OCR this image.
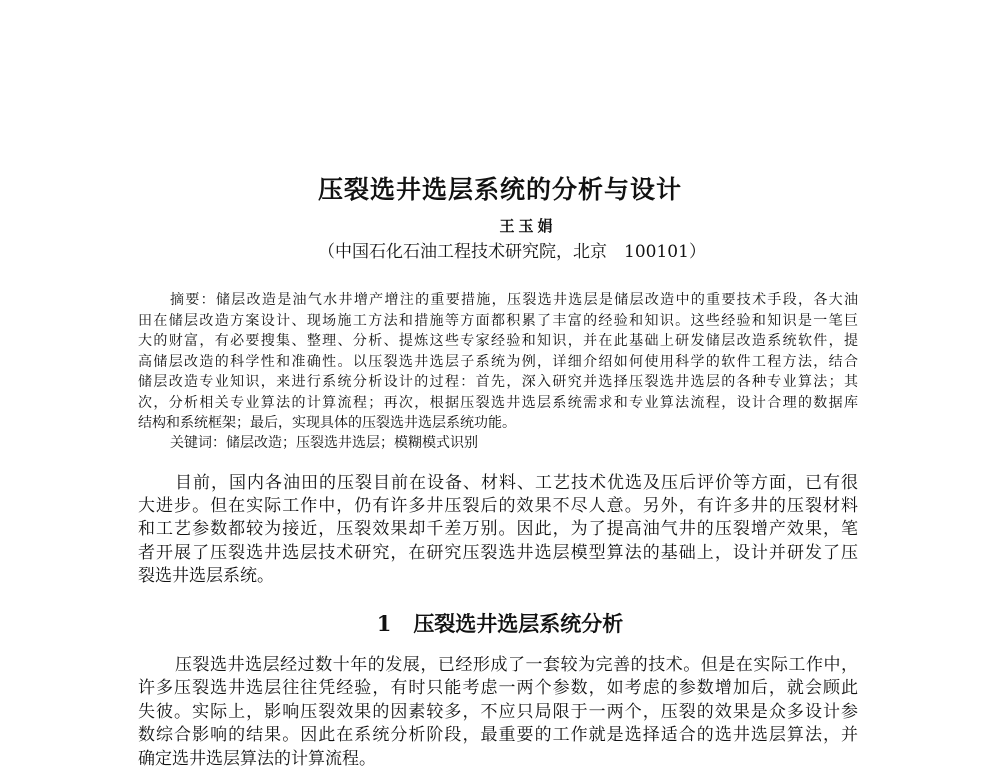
压裂选井选层系统的分析与设计
王玉娟
（中国石化石油工程技术研究院，北京　100101）
摘要：储层改造是油气水井增产增注的重要措施，压裂选井选层是储层改造中的重要技术手段，各大油
田在储层改造方案设计、现场施工方法和措施等方面都积累了丰富的经验和知识。这些经验和知识是一笔巨
大的财富，有必要搜集、整理、分析、提炼这些专家经验和知识，并在此基础上研发储层改造系统软件，提
高储层改造的科学性和准确性。以压裂选井选层子系统为例，详细介绍如何使用科学的软件工程方法，结合
储层改造专业知识，来进行系统分析设计的过程：首先，深入研究并选择压裂选井选层的各种专业算法；其
次，分析相关专业算法的计算流程；再次，根据压裂选井选层系统需求和专业算法流程，设计合理的数据库
结构和系统框架；最后，实现具体的压裂选井选层系统功能。
关键词：储层改造；压裂选井选层；模糊模式识别
目前，国内各油田的压裂目前在设备、材料、工艺技术优选及压后评价等方面，已有很
大进步。但在实际工作中，仍有许多井压裂后的效果不尽人意。另外，有许多井的压裂材料
和工艺参数都较为接近，压裂效果却千差万别。因此，为了提高油气井的压裂增产效果，笔
者开展了压裂选井选层技术研究，在研究压裂选井选层模型算法的基础上，设计并研发了压
裂选井选层系统。
1 压裂选井选层系统分析
压裂选井选层经过数十年的发展，已经形成了一套较为完善的技术。但是在实际工作中，
许多压裂选井选层往往凭经验，有时只能考虑一两个参数，如考虑的参数增加后，就会顾此
失彼。实际上，影响压裂效果的因素较多，不应只局限于一两个，压裂的效果是众多设计参
数综合影响的结果。因此在系统分析阶段，最重要的工作就是选择适合的选井选层算法，并
确定选井选层算法的计算流程。
